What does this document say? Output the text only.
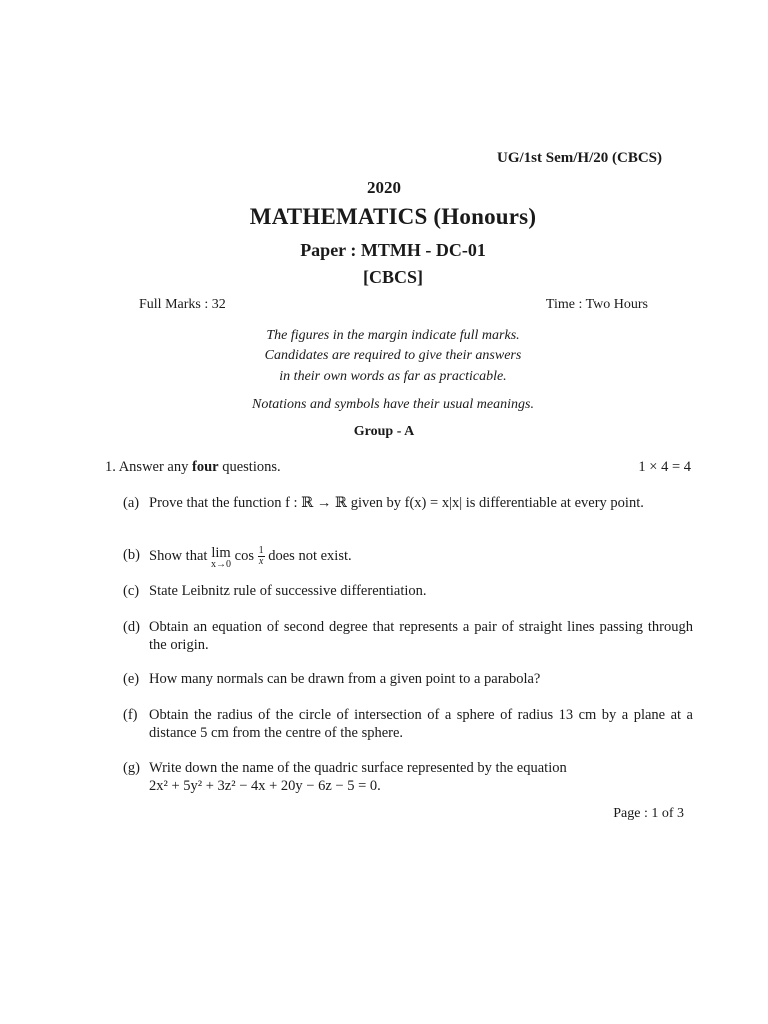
UG/1st Sem/H/20 (CBCS)
2020
MATHEMATICS (Honours)
Paper : MTMH - DC-01
[CBCS]
Full Marks : 32	Time : Two Hours
The figures in the margin indicate full marks.
Candidates are required to give their answers
in their own words as far as practicable.
Notations and symbols have their usual meanings.
Group - A
1. Answer any four questions.	1 × 4 = 4
(a) Prove that the function f : ℝ → ℝ given by f(x) = x|x| is differentiable at every point.
(b) Show that lim
x→0
$\cos \frac{1}{x}$ does not exist.
(c) State Leibnitz rule of successive differentiation.
(d) Obtain an equation of second degree that represents a pair of straight lines passing through the origin.
(e) How many normals can be drawn from a given point to a parabola?
(f) Obtain the radius of the circle of intersection of a sphere of radius 13 cm by a plane at a distance 5 cm from the centre of the sphere.
(g) Write down the name of the quadric surface represented by the equation
2x² + 5y² + 3z² − 4x + 20y − 6z − 5 = 0.
Page : 1 of 3
